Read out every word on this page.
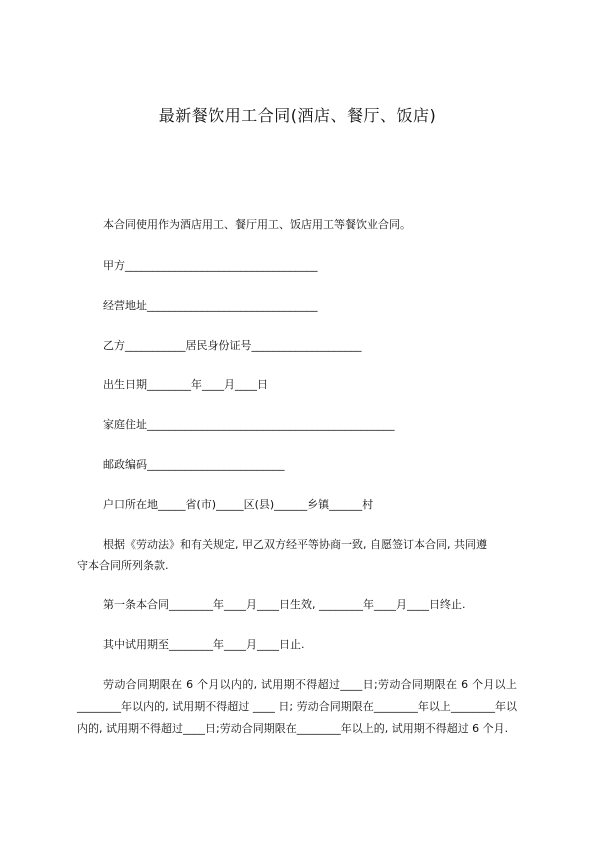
最新餐饮用工合同(酒店、餐厅、饭店)
本合同使用作为酒店用工、餐厅用工、饭店用工等餐饮业合同。
甲方___________________________________
经营地址_______________________________
乙方___________居民身份证号____________________
出生日期________年____月____日
家庭住址_____________________________________________
邮政编码_________________________
户口所在地_____省(市)_____区(县)______乡镇______村
根据《劳动法》和有关规定, 甲乙双方经平等协商一致, 自愿签订本合同, 共同遵
守本合同所列条款.
第一条本合同________年____月____日生效, ________年____月____日终止.
其中试用期至________年____月____日止.
劳动合同期限在 6 个月以内的, 试用期不得超过____日;劳动合同期限在 6 个月以上________年以内的, 试用期不得超过 ____ 日; 劳动合同期限在________年以上________年以内的, 试用期不得超过____日;劳动合同期限在________年以上的, 试用期不得超过 6 个月.
